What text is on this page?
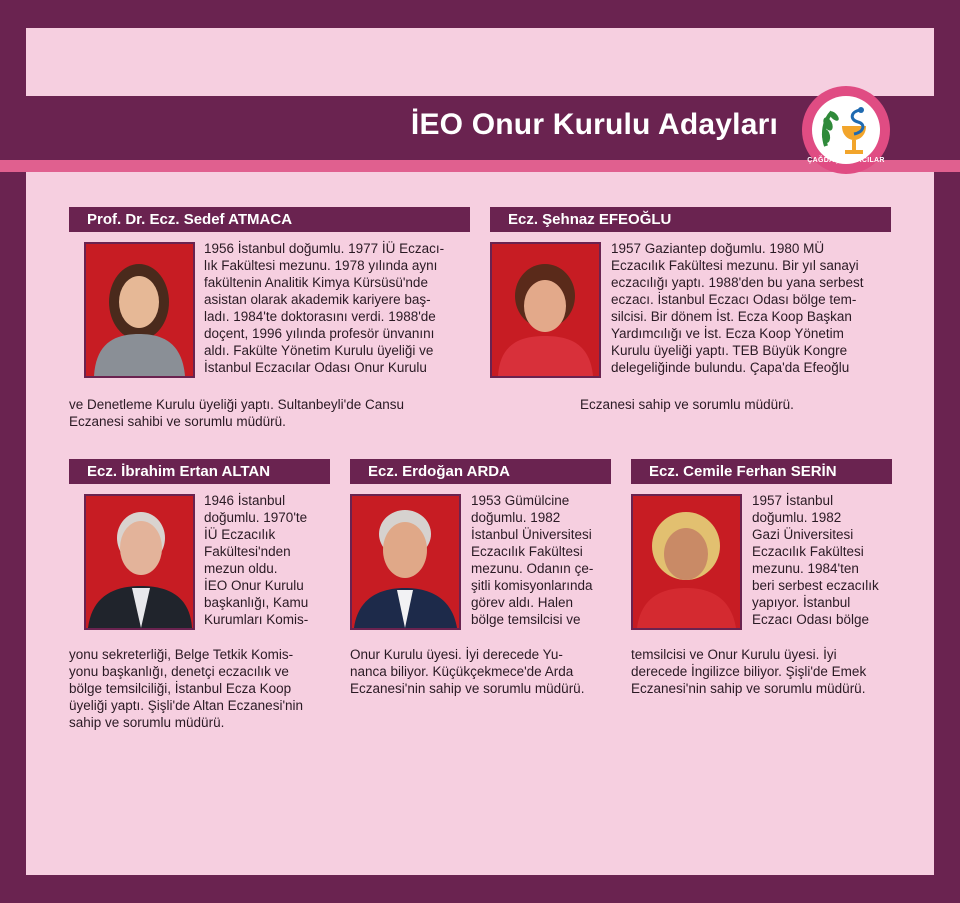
İEO Onur Kurulu Adayları
ÇAĞDAŞ ECZACILAR
Prof. Dr. Ecz. Sedef ATMACA
1956 İstanbul doğumlu. 1977 İÜ Eczacı-
lık Fakültesi mezunu. 1978 yılında aynı
fakültenin Analitik Kimya Kürsüsü'nde
asistan olarak akademik kariyere baş-
ladı. 1984'te doktorasını verdi. 1988'de
doçent, 1996 yılında profesör ünvanını
aldı. Fakülte Yönetim Kurulu üyeliği ve
İstanbul Eczacılar Odası Onur Kurulu
ve Denetleme Kurulu üyeliği yaptı. Sultanbeyli'de Cansu
Eczanesi sahibi ve sorumlu müdürü.
Ecz. Şehnaz EFEOĞLU
1957 Gaziantep doğumlu. 1980 MÜ
Eczacılık Fakültesi mezunu. Bir yıl sanayi
eczacılığı yaptı. 1988'den bu yana serbest
eczacı. İstanbul Eczacı Odası bölge tem-
silcisi. Bir dönem İst. Ecza Koop Başkan
Yardımcılığı ve İst. Ecza Koop Yönetim
Kurulu üyeliği yaptı. TEB Büyük Kongre
delegeliğinde bulundu. Çapa'da Efeoğlu
Eczanesi sahip ve sorumlu müdürü.
Ecz. İbrahim Ertan ALTAN
1946 İstanbul
doğumlu. 1970'te
İÜ Eczacılık
Fakültesi'nden
mezun oldu.
İEO Onur Kurulu
başkanlığı, Kamu
Kurumları Komis-
yonu sekreterliği, Belge Tetkik Komis-
yonu başkanlığı, denetçi eczacılık ve
bölge temsilciliği, İstanbul Ecza Koop
üyeliği yaptı. Şişli'de Altan Eczanesi'nin
sahip ve sorumlu müdürü.
Ecz. Erdoğan ARDA
1953 Gümülcine
doğumlu. 1982
İstanbul Üniversitesi
Eczacılık Fakültesi
mezunu. Odanın çe-
şitli komisyonlarında
görev aldı. Halen
bölge temsilcisi ve
Onur Kurulu üyesi. İyi derecede Yu-
nanca biliyor. Küçükçekmece'de Arda
Eczanesi'nin sahip ve sorumlu müdürü.
Ecz. Cemile Ferhan SERİN
1957 İstanbul
doğumlu. 1982
Gazi Üniversitesi
Eczacılık Fakültesi
mezunu. 1984'ten
beri serbest eczacılık
yapıyor. İstanbul
Eczacı Odası bölge
temsilcisi ve Onur Kurulu üyesi. İyi
derecede İngilizce biliyor. Şişli'de Emek
Eczanesi'nin sahip ve sorumlu müdürü.
